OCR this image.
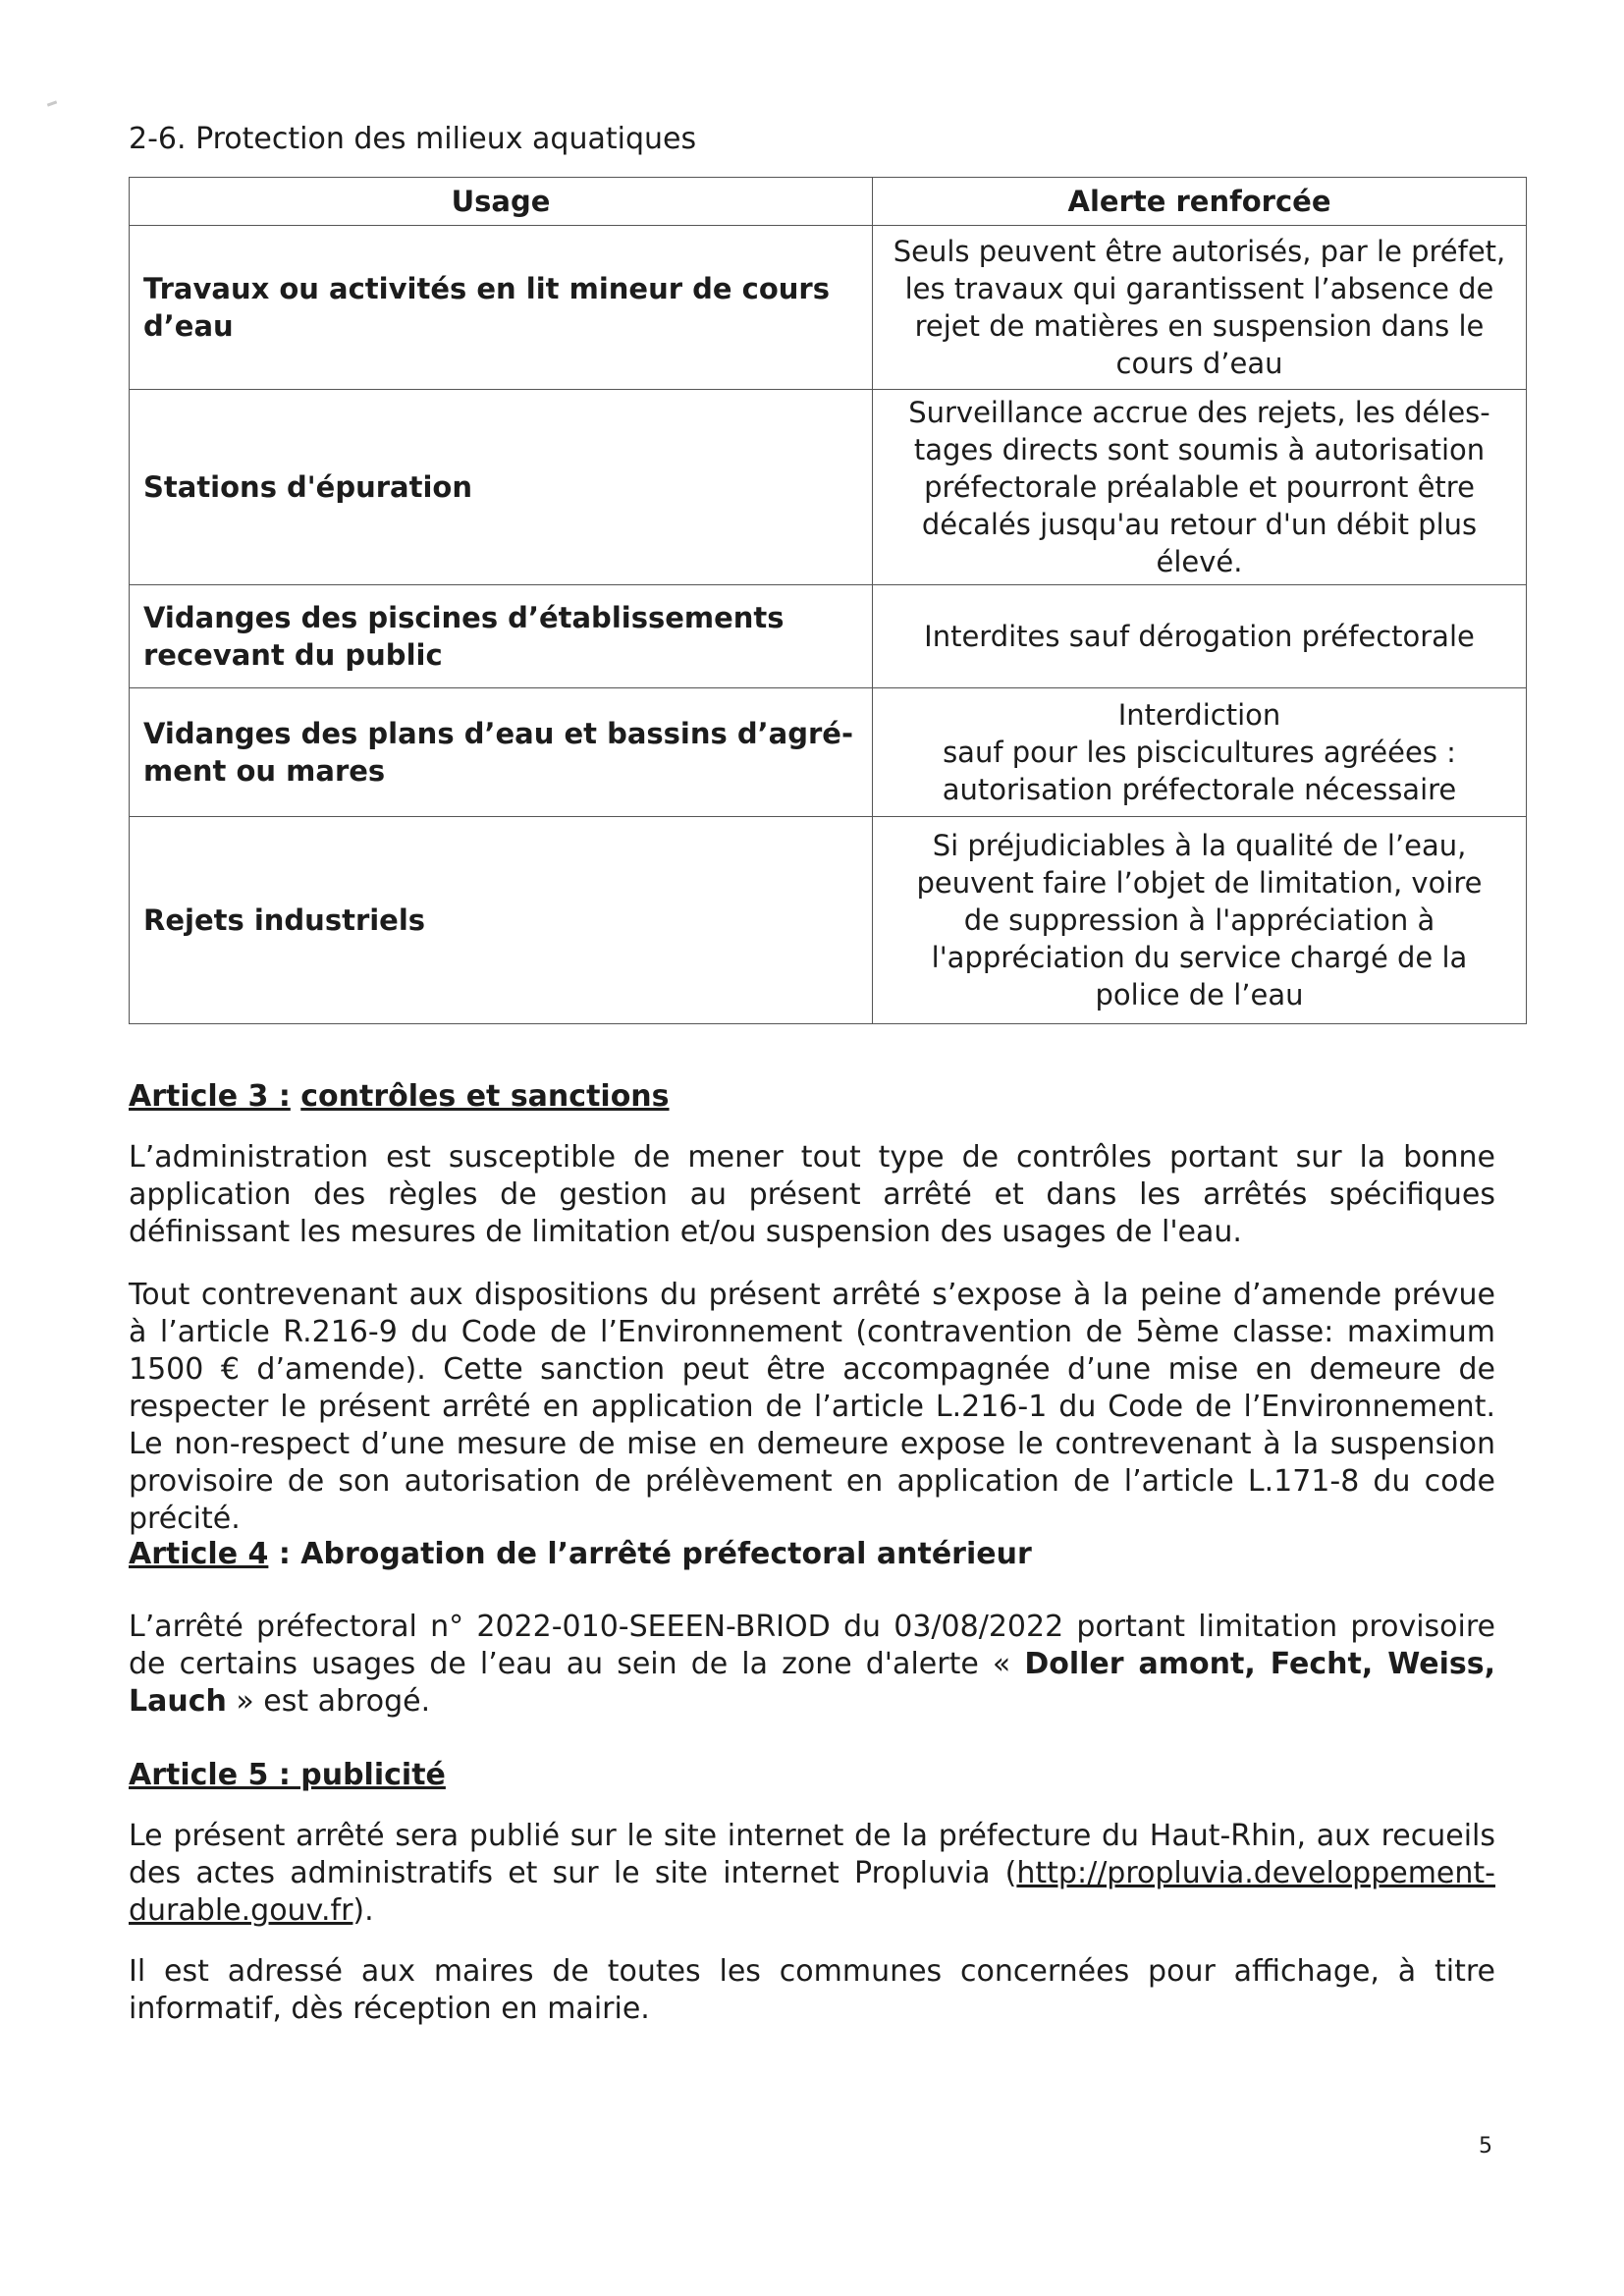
2-6. Protection des milieux aquatiques
Usage	Alerte renforcée
Travaux ou activités en lit mineur de cours d’eau	Seuls peuvent être autorisés, par le préfet,
les travaux qui garantissent l’absence de
rejet de matières en suspension dans le
cours d’eau
Stations d'épuration	Surveillance accrue des rejets, les déles-
tages directs sont soumis à autorisation
préfectorale préalable et pourront être
décalés jusqu'au retour d'un débit plus
élevé.
Vidanges des piscines d’établissements recevant du public	Interdites sauf dérogation préfectorale
Vidanges des plans d’eau et bassins d’agré-
ment ou mares	Interdiction
sauf pour les piscicultures agréées :
autorisation préfectorale nécessaire
Rejets industriels	Si préjudiciables à la qualité de l’eau,
peuvent faire l’objet de limitation, voire
de suppression à l'appréciation à
l'appréciation du service chargé de la
police de l’eau
Article 3 : contrôles et sanctions

L’administration est susceptible de mener tout type de contrôles portant sur la bonne application des règles de gestion au présent arrêté et dans les arrêtés spécifiques définissant les mesures de limitation et/ou suspension des usages de l'eau.

Tout contrevenant aux dispositions du présent arrêté s’expose à la peine d’amende prévue à l’article R.216-9 du Code de l’Environnement (contravention de 5ème classe: maximum 1500 € d’amende). Cette sanction peut être accompagnée d’une mise en demeure de respecter le présent arrêté en application de l’article L.216-1 du Code de l’Environnement. Le non-respect d’une mesure de mise en demeure expose le contrevenant à la suspension provisoire de son autorisation de prélèvement en application de l’article L.171-8 du code précité.

Article 4 : Abrogation de l’arrêté préfectoral antérieur

L’arrêté préfectoral n° 2022-010-SEEEN-BRIOD du 03/08/2022 portant limitation provisoire de certains usages de l’eau au sein de la zone d'alerte « Doller amont, Fecht, Weiss, Lauch » est abrogé.

Article 5 : publicité

Le présent arrêté sera publié sur le site internet de la préfecture du Haut-Rhin, aux recueils des actes administratifs et sur le site internet Propluvia (http://propluvia.developpement-durable.gouv.fr).

Il est adressé aux maires de toutes les communes concernées pour affichage, à titre informatif, dès réception en mairie.

5
